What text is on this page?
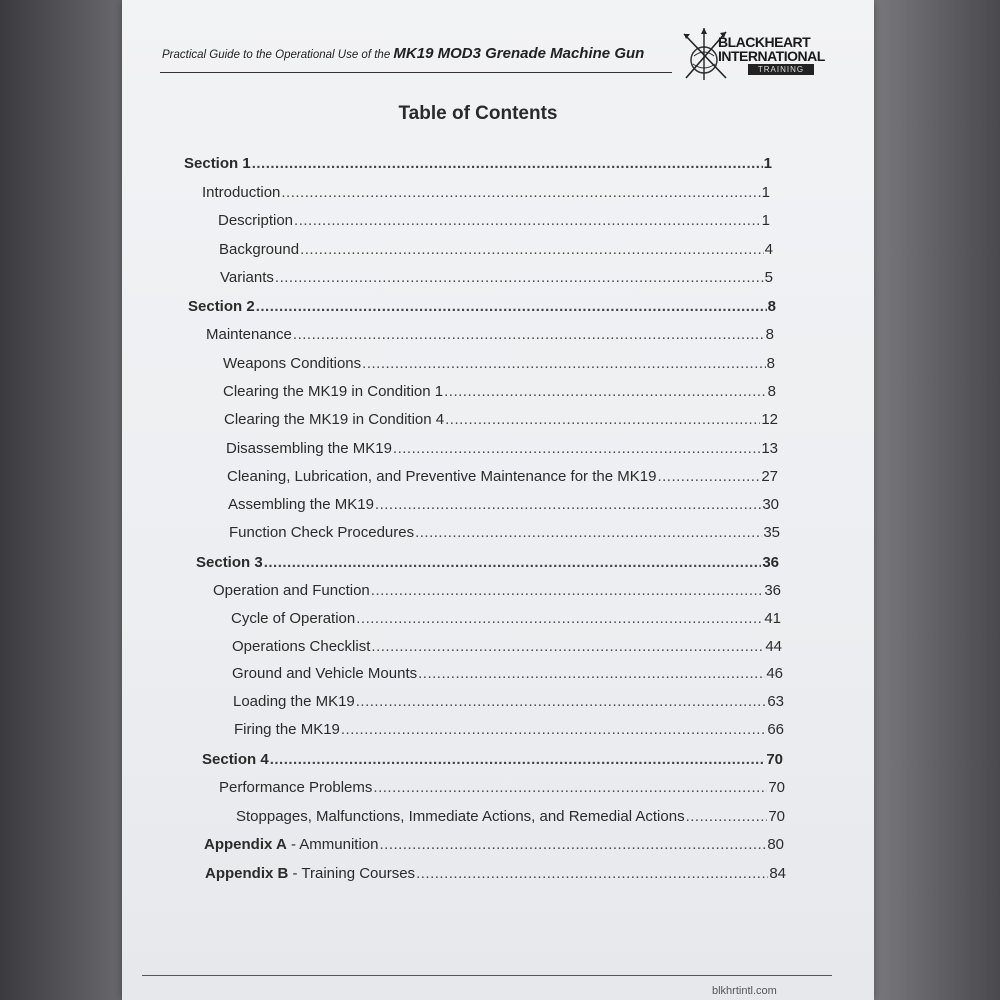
Practical Guide to the Operational Use of the MK19 MOD3 Grenade Machine Gun
BLACKHEART
INTERNATIONAL
TRAINING
Table of Contents
Section 1 .....	1
Introduction .....	1
Description .....	1
Background .....	4
Variants .....	5
Section 2 .....	8
Maintenance .....	8
Weapons Conditions .....	8
Clearing the MK19 in Condition 1 .....	8
Clearing the MK19 in Condition 4 .....	12
Disassembling the MK19 .....	13
Cleaning, Lubrication, and Preventive Maintenance for the MK19 .....	27
Assembling the MK19 .....	30
Function Check Procedures .....	35
Section 3 .....	36
Operation and Function .....	36
Cycle of Operation .....	41
Operations Checklist .....	44
Ground and Vehicle Mounts .....	46
Loading the MK19 .....	63
Firing the MK19 .....	66
Section 4 .....	70
Performance Problems .....	70
Stoppages, Malfunctions, Immediate Actions, and Remedial Actions .....	70
Appendix A - Ammunition .....	80
Appendix B - Training Courses .....	84
blkhrtintl.com
